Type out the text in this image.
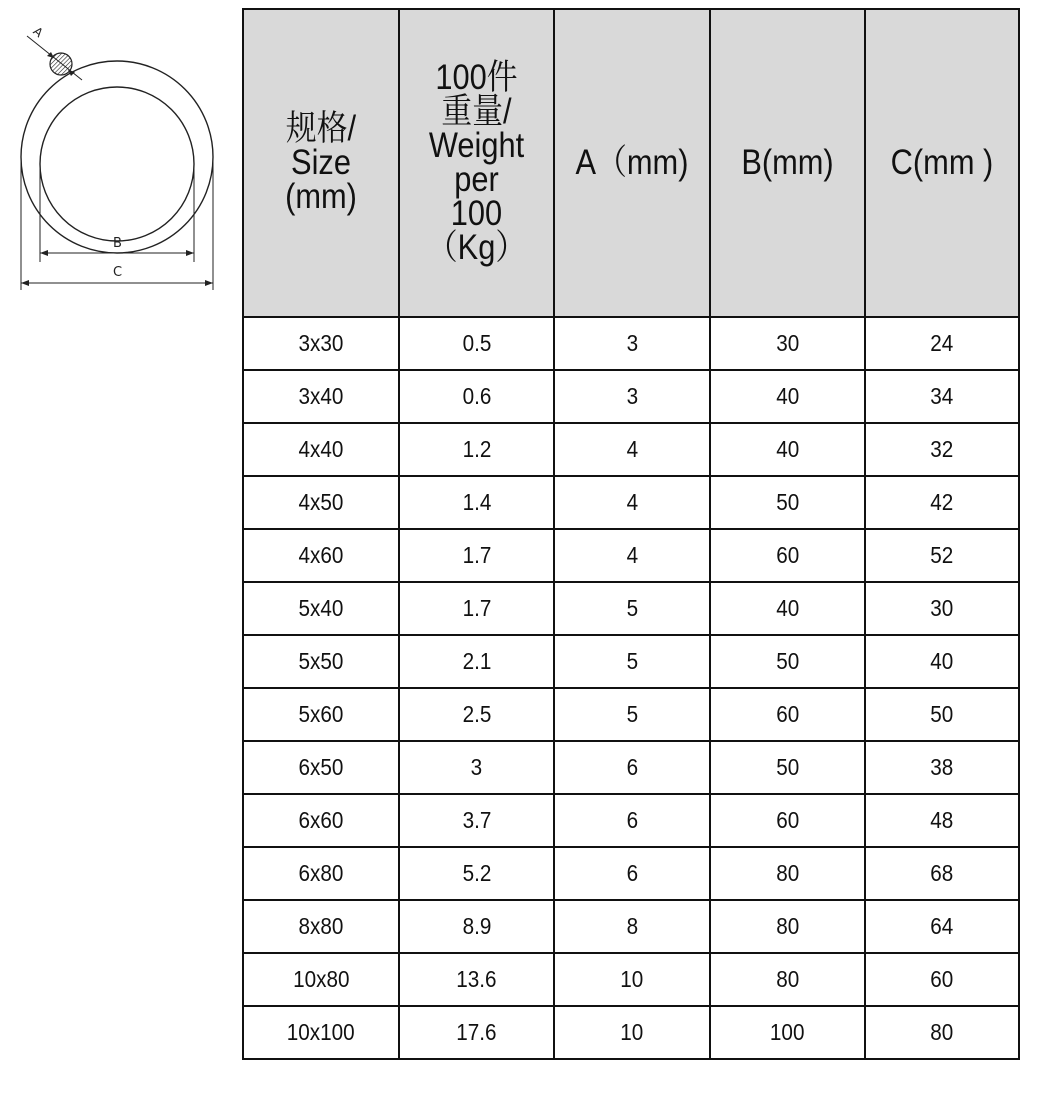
A
B
C
规格/
Size
(mm)	100件
重量/
Weight
per
100（Kg）	A（mm)	B(mm)	C(mm )

3x30	0.5	3	30	24
3x40	0.6	3	40	34
4x40	1.2	4	40	32
4x50	1.4	4	50	42
4x60	1.7	4	60	52
5x40	1.7	5	40	30
5x50	2.1	5	50	40
5x60	2.5	5	60	50
6x50	3	6	50	38
6x60	3.7	6	60	48
6x80	5.2	6	80	68
8x80	8.9	8	80	64
10x80	13.6	10	80	60
10x100	17.6	10	100	80
